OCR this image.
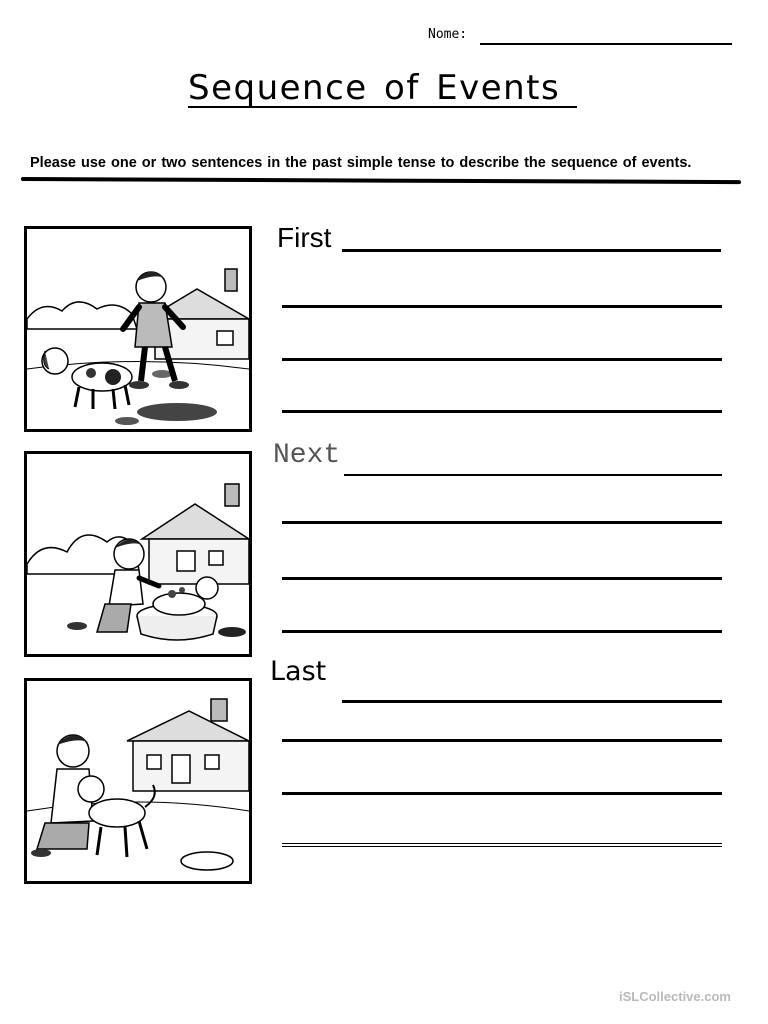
Nome:
Sequence of Events
Please use one or two sentences in the past simple tense to describe the sequence of events.
First
Next
Last
iSLCollective.com
